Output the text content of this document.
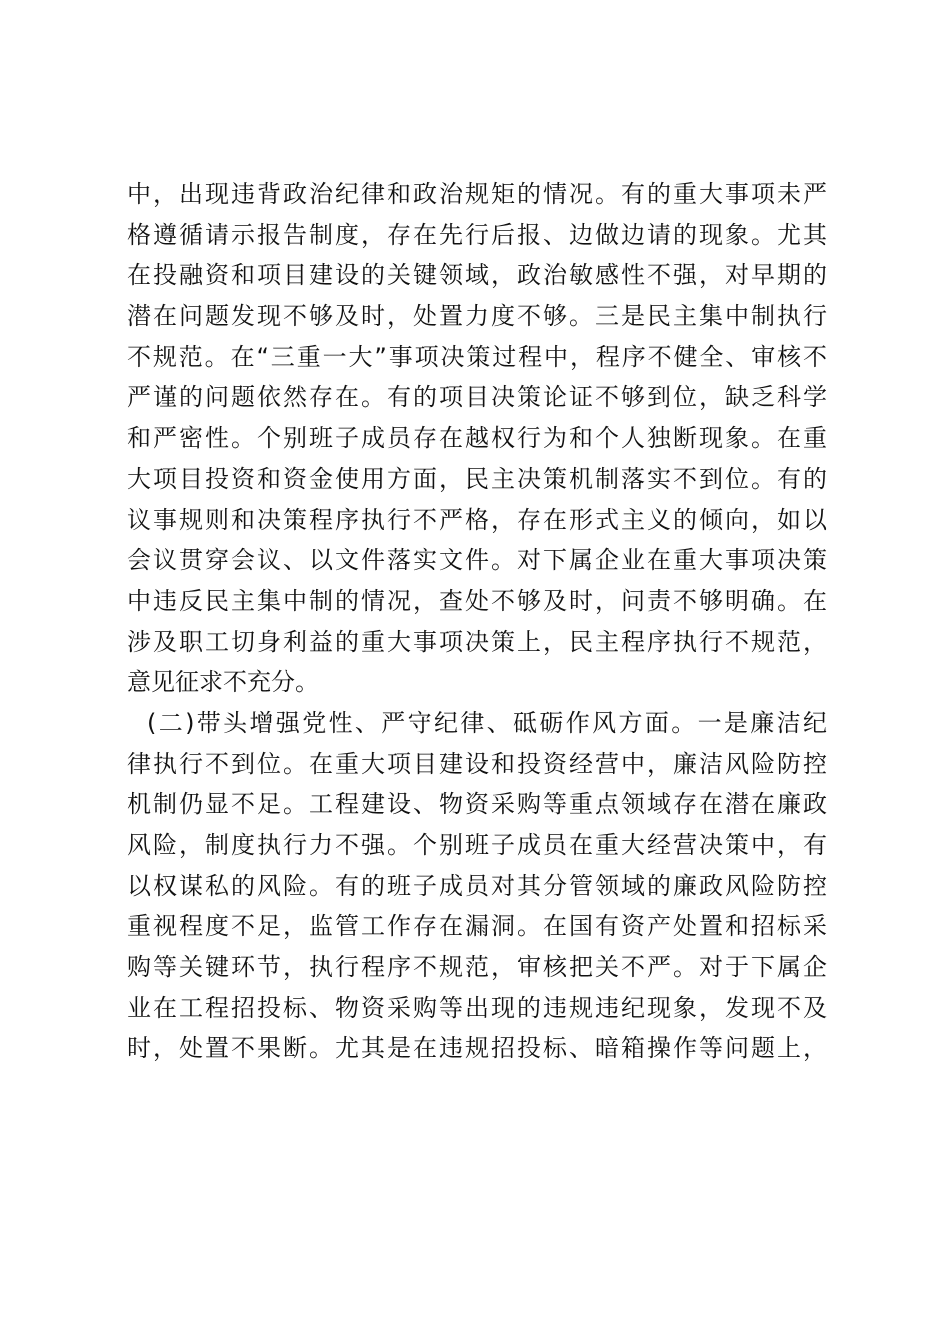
中，出现违背政治纪律和政治规矩的情况。有的重大事项未严
格遵循请示报告制度，存在先行后报、边做边请的现象。尤其
在投融资和项目建设的关键领域，政治敏感性不强，对早期的
潜在问题发现不够及时，处置力度不够。三是民主集中制执行
不规范。在“三重一大”事项决策过程中，程序不健全、审核不
严谨的问题依然存在。有的项目决策论证不够到位，缺乏科学
和严密性。个别班子成员存在越权行为和个人独断现象。在重
大项目投资和资金使用方面，民主决策机制落实不到位。有的
议事规则和决策程序执行不严格，存在形式主义的倾向，如以
会议贯穿会议、以文件落实文件。对下属企业在重大事项决策
中违反民主集中制的情况，查处不够及时，问责不够明确。在
涉及职工切身利益的重大事项决策上，民主程序执行不规范，
意见征求不充分。
(二)带头增强党性、严守纪律、砥砺作风方面。一是廉洁纪
律执行不到位。在重大项目建设和投资经营中，廉洁风险防控
机制仍显不足。工程建设、物资采购等重点领域存在潜在廉政
风险，制度执行力不强。个别班子成员在重大经营决策中，有
以权谋私的风险。有的班子成员对其分管领域的廉政风险防控
重视程度不足，监管工作存在漏洞。在国有资产处置和招标采
购等关键环节，执行程序不规范，审核把关不严。对于下属企
业在工程招投标、物资采购等出现的违规违纪现象，发现不及
时，处置不果断。尤其是在违规招投标、暗箱操作等问题上，
